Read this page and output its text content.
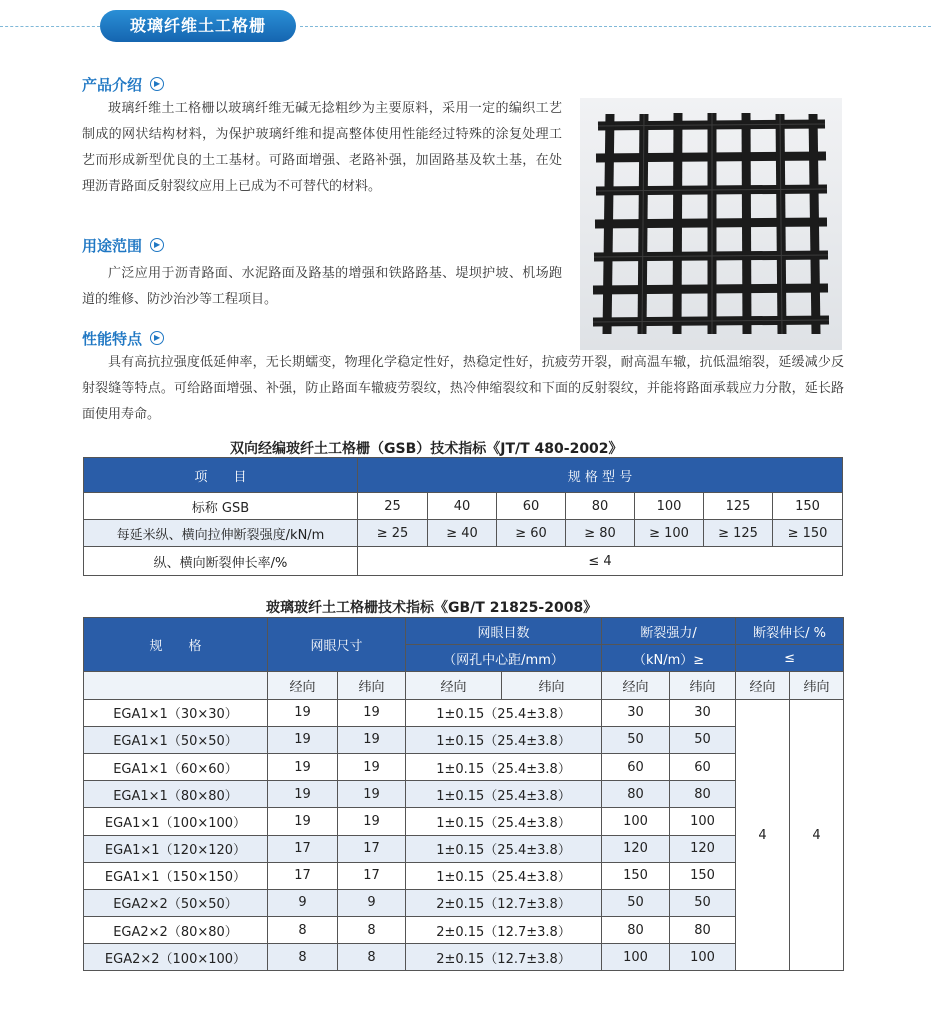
玻璃纤维土工格栅
产品介绍	▶

玻璃纤维土工格栅以玻璃纤维无碱无捻粗纱为主要原料，采用一定的编织工艺制成的网状结构材料，为保护玻璃纤维和提高整体使用性能经过特殊的涂复处理工艺而形成新型优良的土工基材。可路面增强、老路补强，加固路基及软土基，在处理沥青路面反射裂纹应用上已成为不可替代的材料。

用途范围	▶

广泛应用于沥青路面、水泥路面及路基的增强和铁路路基、堤坝护坡、机场跑道的维修、防沙治沙等工程项目。

性能特点	▶

具有高抗拉强度低延伸率，无长期蠕变，物理化学稳定性好，热稳定性好，抗疲劳开裂，耐高温车辙，抗低温缩裂，延缓减少反射裂缝等特点。可给路面增强、补强，防止路面车辙疲劳裂纹，热冷伸缩裂纹和下面的反射裂纹，并能将路面承载应力分散，延长路面使用寿命。

双向经编玻纤土工格栅（GSB）技术指标《JT/T 480-2002》
项　　目	规 格 型 号						
标称 GSB	25	40	60	80	100	125	150
每延米纵、横向拉伸断裂强度/kN/m	≥ 25	≥ 40	≥ 60	≥ 80	≥ 100	≥ 125	≥ 150
纵、横向断裂伸长率/%	≤ 4						
玻璃玻纤土工格栅技术指标《GB/T 21825-2008》
规　　格	网眼尺寸		网眼目数		断裂强力/		断裂伸长/ %	
			（网孔中心距/mm）		（kN/m）≥		≤	
	经向	纬向	经向	纬向	经向	纬向	经向	纬向
EGA1×1（30×30）	19	19	1±0.15（25.4±3.8）		30	30	4	4
EGA1×1（50×50）	19	19	1±0.15（25.4±3.8）		50	50		
EGA1×1（60×60）	19	19	1±0.15（25.4±3.8）		60	60		
EGA1×1（80×80）	19	19	1±0.15（25.4±3.8）		80	80		
EGA1×1（100×100）	19	19	1±0.15（25.4±3.8）		100	100		
EGA1×1（120×120）	17	17	1±0.15（25.4±3.8）		120	120		
EGA1×1（150×150）	17	17	1±0.15（25.4±3.8）		150	150		
EGA2×2（50×50）	9	9	2±0.15（12.7±3.8）		50	50		
EGA2×2（80×80）	8	8	2±0.15（12.7±3.8）		80	80		
EGA2×2（100×100）	8	8	2±0.15（12.7±3.8）		100	100		
